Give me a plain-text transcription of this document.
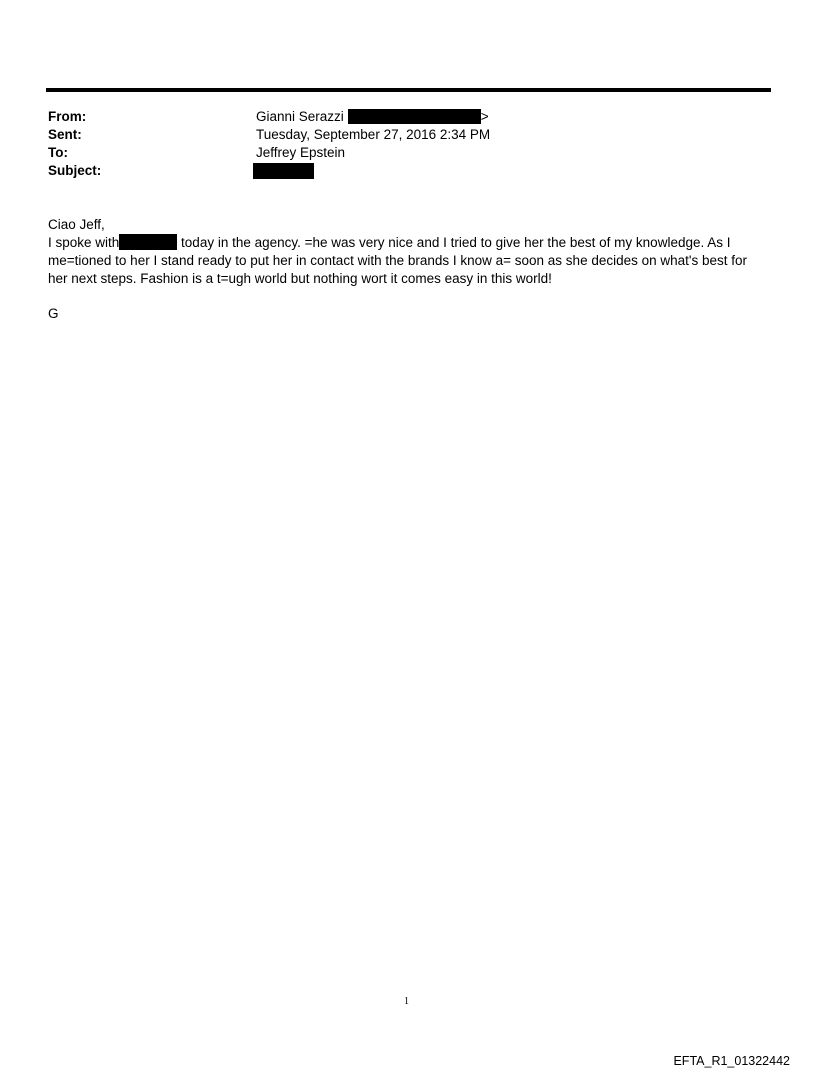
From:	Gianni Serazzi	>
Sent:	Tuesday, September 27, 2016 2:34 PM
To:	Jeffrey Epstein
Subject:
Ciao Jeff,
I spoke with	today in the agency. =he was very nice and I tried to give her the best of my knowledge. As I
me=tioned to her I stand ready to put her in contact with the brands I know a= soon as she decides on what's best for
her next steps. Fashion is a t=ugh world but nothing wort it comes easy in this world!
G
1
EFTA_R1_01322442
